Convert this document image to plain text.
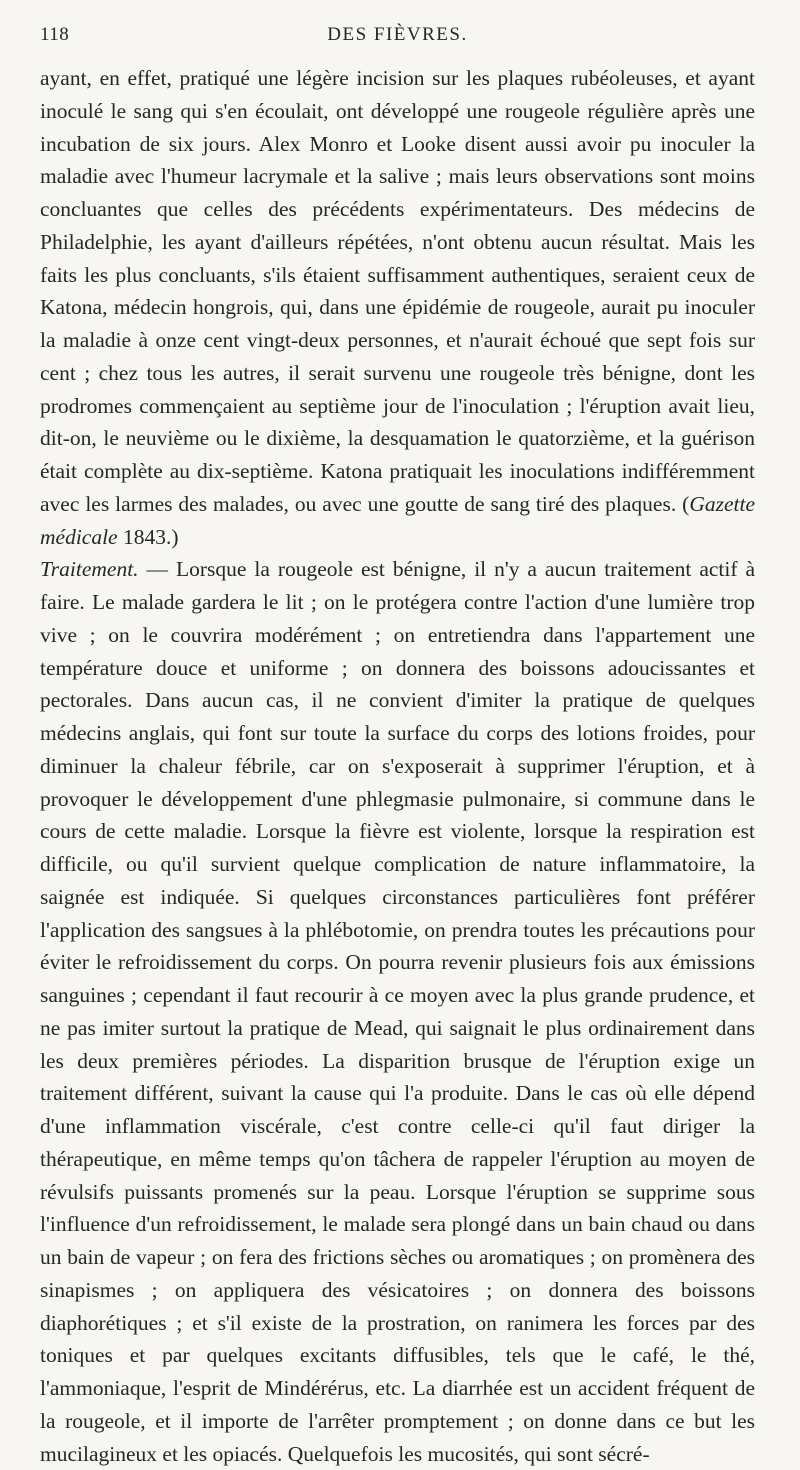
118	DES FIÈVRES.

ayant, en effet, pratiqué une légère incision sur les plaques rubéoleuses, et ayant inoculé le sang qui s'en écoulait, ont développé une rougeole régulière après une incubation de six jours. Alex Monro et Looke disent aussi avoir pu inoculer la maladie avec l'humeur lacrymale et la salive ; mais leurs observations sont moins concluantes que celles des précédents expérimentateurs. Des médecins de Philadelphie, les ayant d'ailleurs répétées, n'ont obtenu aucun résultat. Mais les faits les plus concluants, s'ils étaient suffisamment authentiques, seraient ceux de Katona, médecin hongrois, qui, dans une épidémie de rougeole, aurait pu inoculer la maladie à onze cent vingt-deux personnes, et n'aurait échoué que sept fois sur cent ; chez tous les autres, il serait survenu une rougeole très bénigne, dont les prodromes commençaient au septième jour de l'inoculation ; l'éruption avait lieu, dit-on, le neuvième ou le dixième, la desquamation le quatorzième, et la guérison était complète au dix-septième. Katona pratiquait les inoculations indifféremment avec les larmes des malades, ou avec une goutte de sang tiré des plaques. (Gazette médicale 1843.)

Traitement. — Lorsque la rougeole est bénigne, il n'y a aucun traitement actif à faire. Le malade gardera le lit ; on le protégera contre l'action d'une lumière trop vive ; on le couvrira modérément ; on entretiendra dans l'appartement une température douce et uniforme ; on donnera des boissons adoucissantes et pectorales. Dans aucun cas, il ne convient d'imiter la pratique de quelques médecins anglais, qui font sur toute la surface du corps des lotions froides, pour diminuer la chaleur fébrile, car on s'exposerait à supprimer l'éruption, et à provoquer le développement d'une phlegmasie pulmonaire, si commune dans le cours de cette maladie. Lorsque la fièvre est violente, lorsque la respiration est difficile, ou qu'il survient quelque complication de nature inflammatoire, la saignée est indiquée. Si quelques circonstances particulières font préférer l'application des sangsues à la phlébotomie, on prendra toutes les précautions pour éviter le refroidissement du corps. On pourra revenir plusieurs fois aux émissions sanguines ; cependant il faut recourir à ce moyen avec la plus grande prudence, et ne pas imiter surtout la pratique de Mead, qui saignait le plus ordinairement dans les deux premières périodes. La disparition brusque de l'éruption exige un traitement différent, suivant la cause qui l'a produite. Dans le cas où elle dépend d'une inflammation viscérale, c'est contre celle-ci qu'il faut diriger la thérapeutique, en même temps qu'on tâchera de rappeler l'éruption au moyen de révulsifs puissants promenés sur la peau. Lorsque l'éruption se supprime sous l'influence d'un refroidissement, le malade sera plongé dans un bain chaud ou dans un bain de vapeur ; on fera des frictions sèches ou aromatiques ; on promènera des sinapismes ; on appliquera des vésicatoires ; on donnera des boissons diaphorétiques ; et s'il existe de la prostration, on ranimera les forces par des toniques et par quelques excitants diffusibles, tels que le café, le thé, l'ammoniaque, l'esprit de Mindérérus, etc. La diarrhée est un accident fréquent de la rougeole, et il importe de l'arrêter promptement ; on donne dans ce but les mucilagineux et les opiacés. Quelquefois les mucosités, qui sont sécré-
